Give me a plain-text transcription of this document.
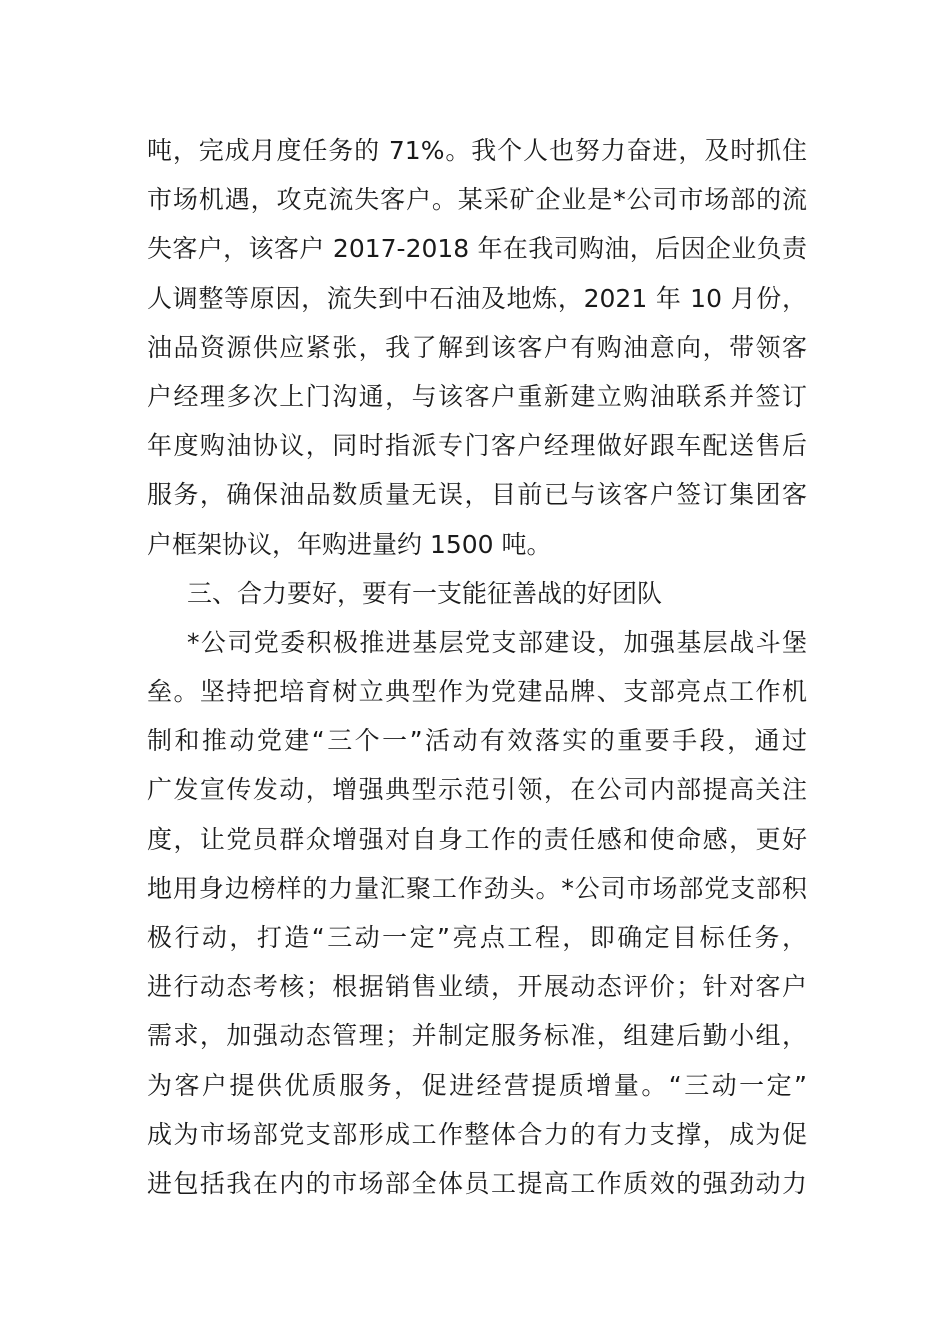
吨，完成月度任务的 71%。我个人也努力奋进，及时抓住
市场机遇，攻克流失客户。某采矿企业是*公司市场部的流
失客户，该客户 2017-2018 年在我司购油，后因企业负责
人调整等原因，流失到中石油及地炼，2021 年 10 月份，
油品资源供应紧张，我了解到该客户有购油意向，带领客
户经理多次上门沟通，与该客户重新建立购油联系并签订
年度购油协议，同时指派专门客户经理做好跟车配送售后
服务，确保油品数质量无误，目前已与该客户签订集团客
户框架协议，年购进量约 1500 吨。
三、合力要好，要有一支能征善战的好团队
*公司党委积极推进基层党支部建设，加强基层战斗堡
垒。坚持把培育树立典型作为党建品牌、支部亮点工作机
制和推动党建“三个一”活动有效落实的重要手段，通过
广发宣传发动，增强典型示范引领，在公司内部提高关注
度，让党员群众增强对自身工作的责任感和使命感，更好
地用身边榜样的力量汇聚工作劲头。*公司市场部党支部积
极行动，打造“三动一定”亮点工程，即确定目标任务，
进行动态考核；根据销售业绩，开展动态评价；针对客户
需求，加强动态管理；并制定服务标准，组建后勤小组，
为客户提供优质服务，促进经营提质增量。“三动一定”
成为市场部党支部形成工作整体合力的有力支撑，成为促
进包括我在内的市场部全体员工提高工作质效的强劲动力
